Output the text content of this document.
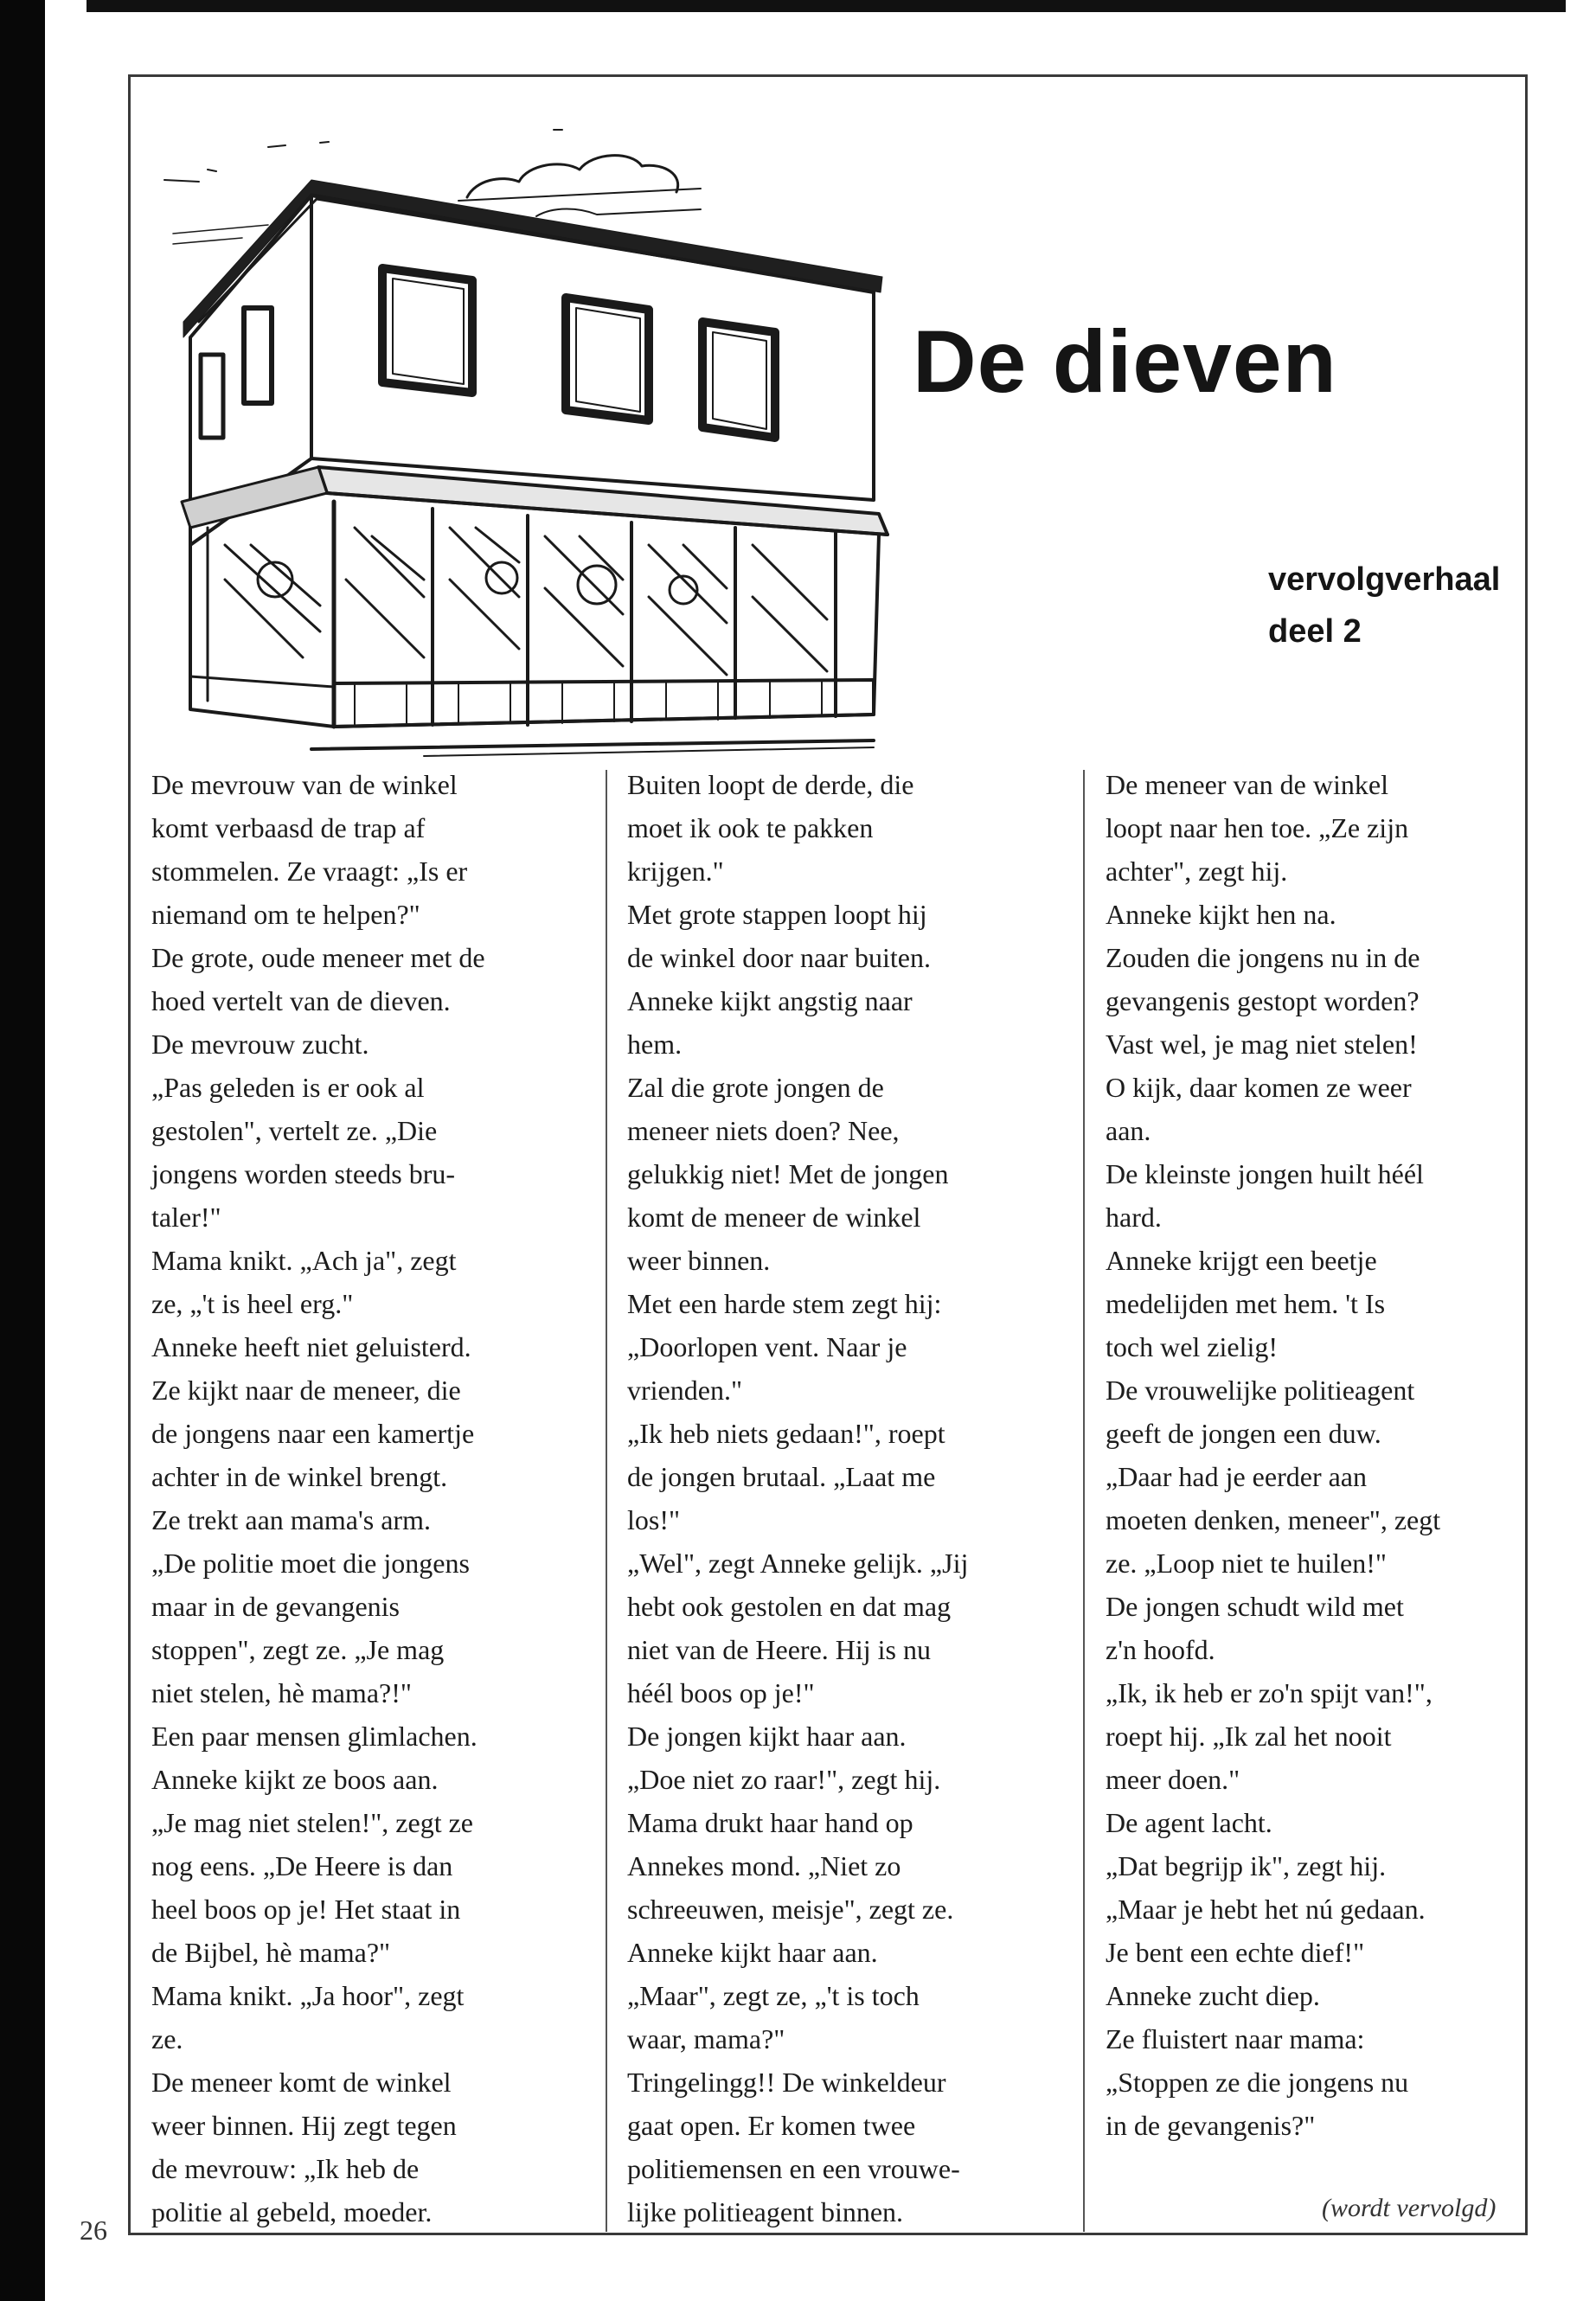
De dieven
vervolgverhaal
deel 2
De mevrouw van de winkel
komt verbaasd de trap af
stommelen. Ze vraagt: „Is er
niemand om te helpen?"
De grote, oude meneer met de
hoed vertelt van de dieven.
De mevrouw zucht.
„Pas geleden is er ook al
gestolen", vertelt ze. „Die
jongens worden steeds bru-
taler!"
Mama knikt. „Ach ja", zegt
ze, „'t is heel erg."
Anneke heeft niet geluisterd.
Ze kijkt naar de meneer, die
de jongens naar een kamertje
achter in de winkel brengt.
Ze trekt aan mama's arm.
„De politie moet die jongens
maar in de gevangenis
stoppen", zegt ze. „Je mag
niet stelen, hè mama?!"
Een paar mensen glimlachen.
Anneke kijkt ze boos aan.
„Je mag niet stelen!", zegt ze
nog eens. „De Heere is dan
heel boos op je! Het staat in
de Bijbel, hè mama?"
Mama knikt. „Ja hoor", zegt
ze.
De meneer komt de winkel
weer binnen. Hij zegt tegen
de mevrouw: „Ik heb de
politie al gebeld, moeder.
Buiten loopt de derde, die
moet ik ook te pakken
krijgen."
Met grote stappen loopt hij
de winkel door naar buiten.
Anneke kijkt angstig naar
hem.
Zal die grote jongen de
meneer niets doen? Nee,
gelukkig niet! Met de jongen
komt de meneer de winkel
weer binnen.
Met een harde stem zegt hij:
„Doorlopen vent. Naar je
vrienden."
„Ik heb niets gedaan!", roept
de jongen brutaal. „Laat me
los!"
„Wel", zegt Anneke gelijk. „Jij
hebt ook gestolen en dat mag
niet van de Heere. Hij is nu
héél boos op je!"
De jongen kijkt haar aan.
„Doe niet zo raar!", zegt hij.
Mama drukt haar hand op
Annekes mond. „Niet zo
schreeuwen, meisje", zegt ze.
Anneke kijkt haar aan.
„Maar", zegt ze, „'t is toch
waar, mama?"
Tringelingg!! De winkeldeur
gaat open. Er komen twee
politiemensen en een vrouwe-
lijke politieagent binnen.
De meneer van de winkel
loopt naar hen toe. „Ze zijn
achter", zegt hij.
Anneke kijkt hen na.
Zouden die jongens nu in de
gevangenis gestopt worden?
Vast wel, je mag niet stelen!
O kijk, daar komen ze weer
aan.
De kleinste jongen huilt héél
hard.
Anneke krijgt een beetje
medelijden met hem. 't Is
toch wel zielig!
De vrouwelijke politieagent
geeft de jongen een duw.
„Daar had je eerder aan
moeten denken, meneer", zegt
ze. „Loop niet te huilen!"
De jongen schudt wild met
z'n hoofd.
„Ik, ik heb er zo'n spijt van!",
roept hij. „Ik zal het nooit
meer doen."
De agent lacht.
„Dat begrijp ik", zegt hij.
„Maar je hebt het nú gedaan.
Je bent een echte dief!"
Anneke zucht diep.
Ze fluistert naar mama:
„Stoppen ze die jongens nu
in de gevangenis?"
(wordt vervolgd)
26
